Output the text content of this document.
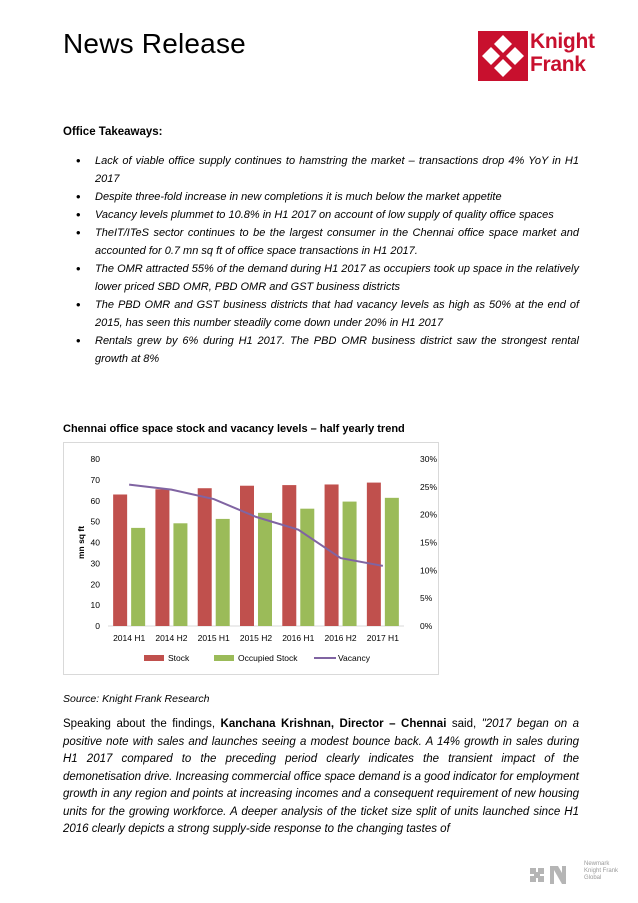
News Release	Knight
Frank
Office Takeaways:
• Lack of viable office supply continues to hamstring the market – transactions drop 4% YoY in H1 2017
• Despite three-fold increase in new completions it is much below the market appetite
• Vacancy levels plummet to 10.8% in H1 2017 on account of low supply of quality office spaces
• TheIT/ITeS sector continues to be the largest consumer in the Chennai office space market and accounted for 0.7 mn sq ft of office space transactions in H1 2017.
• The OMR attracted 55% of the demand during H1 2017 as occupiers took up space in the relatively lower priced SBD OMR, PBD OMR and GST business districts
• The PBD OMR and GST business districts that had vacancy levels as high as 50% at the end of 2015, has seen this number steadily come down under 20% in H1 2017
• Rentals grew by 6% during H1 2017. The PBD OMR business district saw the strongest rental growth at 8%
Chennai office space stock and vacancy levels – half yearly trend
0
10
20
30
40
50
60
70
80
0%
5%
10%
15%
20%
25%
30%
mn sq ft
2014 H1 2014 H2 2015 H1 2015 H2 2016 H1 2016 H2 2017 H1
Stock	Occupied Stock	Vacancy
Source: Knight Frank Research
Speaking about the findings, Kanchana Krishnan, Director – Chennai said, "2017 began on a positive note with sales and launches seeing a modest bounce back. A 14% growth in sales during H1 2017 compared to the preceding period clearly indicates the transient impact of the demonetisation drive. Increasing commercial office space demand is a good indicator for employment growth in any region and points at increasing incomes and a consequent requirement of new housing units for the growing workforce. A deeper analysis of the ticket size split of units launched since H1 2016 clearly depicts a strong supply-side response to the changing tastes of
Newmark
Knight Frank
Global
